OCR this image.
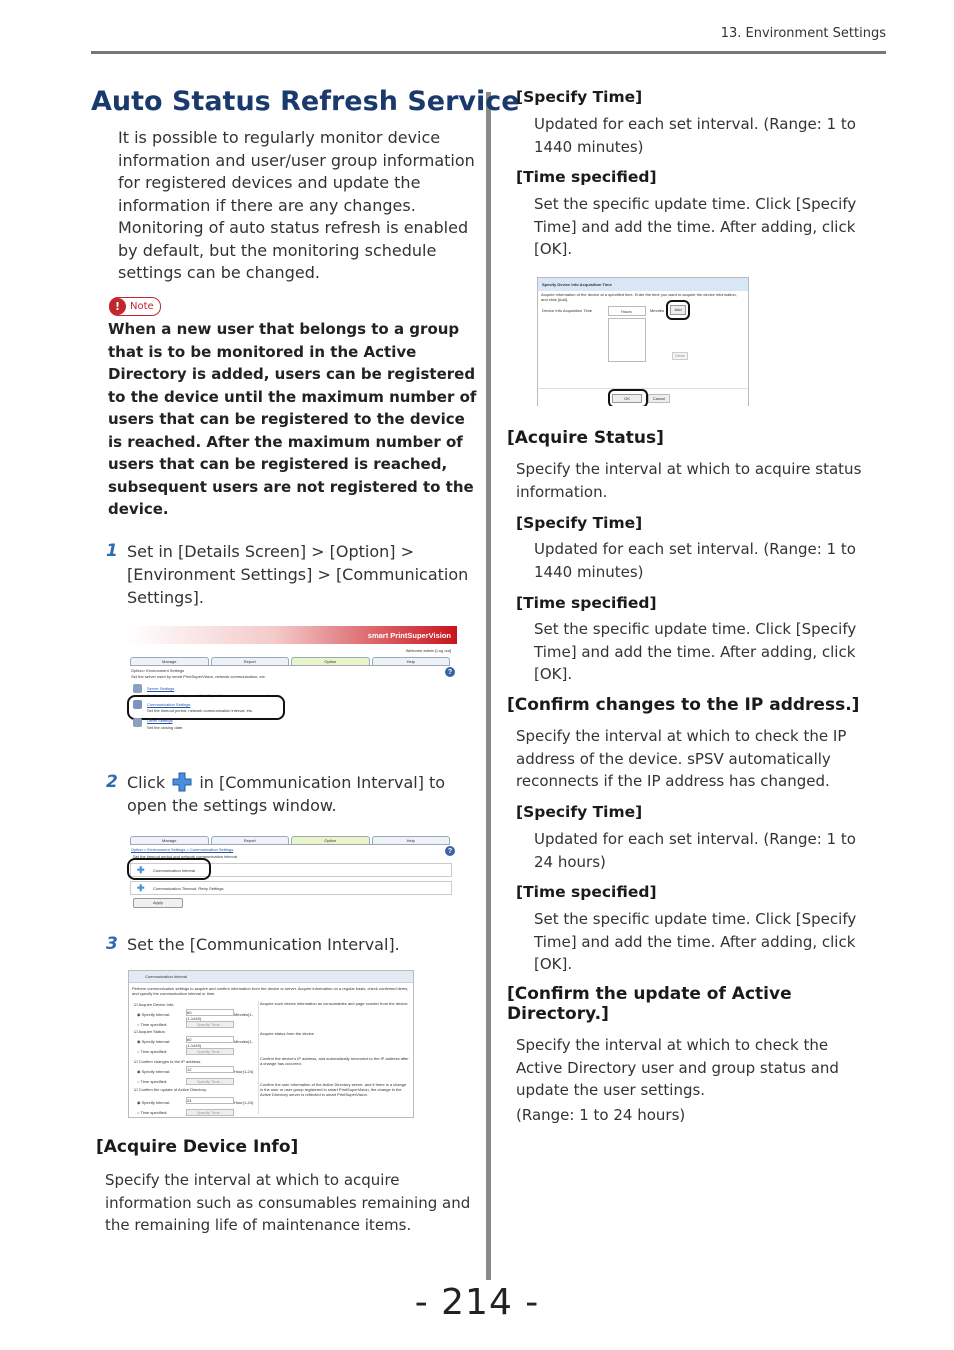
13. Environment Settings
Auto Status Refresh Service
It is possible to regularly monitor device information and user/user group information for registered devices and update the information if there are any changes. Monitoring of auto status refresh is enabled by default, but the monitoring schedule settings can be changed.
! Note
When a new user that belongs to a group that is to be monitored in the Active Directory is added, users can be registered to the device until the maximum number of users that can be registered to the device is reached. After the maximum number of users that can be registered is reached, subsequent users are not registered to the device.
1 Set in [Details Screen] > [Option] > [Environment Settings] > [Communication Settings].
smart PrintSuperVision
Welcome admin [Log out]
Manage	Report	Option	Help
Option> Environment Settings
Set the server used by smart PrintSuperVision, network communication, etc.
?
Server Settings
Set the server used by smart PrintSuperVision, network communication, etc.
Communication Settings
Set the timeout period, network communication interval, etc.
Other Settings
Set the closing date.
2 Click in [Communication Interval] to open the settings window.
Manage	Report	Option	Help
Option > Environment Settings > Communication Settings
Set the timeout period and network communication interval.
?
✚ Communication Interval
✚ Communication Timeout, Retry Settings
Apply
3 Set the [Communication Interval].
Communication Interval
Perform communication settings to acquire and confirm information from the device or server. Acquire information on a regular basis, check confirmed items, and specify the communication interval or time.
☑ Acquire Device Info:
◉ Specify Interval:	60
(1-1440)
Minutes(1-
○ Time specified:	Specify Time...
☑ Acquire Status:
◉ Specify Interval:	60
(1-1440)
Minutes(1-
○ Time specified:	Specify Time...
☑ Confirm changes to the IP address.
◉ Specify Interval:	12	Hour(1-24)
○ Time specified:	Specify Time...
☑ Confirm the update of Active Directory.
◉ Specify Interval:	24	Hour(1-24)
○ Time specified:	Specify Time...
Acquire such device information as consumables and page counter from the device.
Acquire status from the device.
Confirm the device's IP address, and automatically reconnect to the IP address after a change has occurred.
Confirm the user information of the Active Directory server, and if there is a change in the user or user group registered in smart PrintSuperVision, the change in the Active Directory server is reflected in smart PrintSuperVision.
[Acquire Device Info]
Specify the interval at which to acquire information such as consumables remaining and the remaining life of maintenance items.
[Specify Time]
Updated for each set interval. (Range: 1 to 1440 minutes)
[Time specified]
Set the specific update time. Click [Specify Time] and add the time. After adding, click [OK].
Specify Device Info Acquisition Time
Acquire information of the device at a specified time. Enter the time you want to acquire the device information, and click [Add].
Device Info Acquisition Time	Hours	Minutes	Add
Delete
OK	Cancel
[Acquire Status]
Specify the interval at which to acquire status information.
[Specify Time]
Updated for each set interval. (Range: 1 to 1440 minutes)
[Time specified]
Set the specific update time. Click [Specify Time] and add the time. After adding, click [OK].
[Confirm changes to the IP address.]
Specify the interval at which to check the IP address of the device. sPSV automatically reconnects if the IP address has changed.
[Specify Time]
Updated for each set interval. (Range: 1 to 24 hours)
[Time specified]
Set the specific update time. Click [Specify Time] and add the time. After adding, click [OK].
[Confirm the update of Active Directory.]
Specify the interval at which to check the Active Directory user and group status and update the user settings.
(Range: 1 to 24 hours)
- 214 -
